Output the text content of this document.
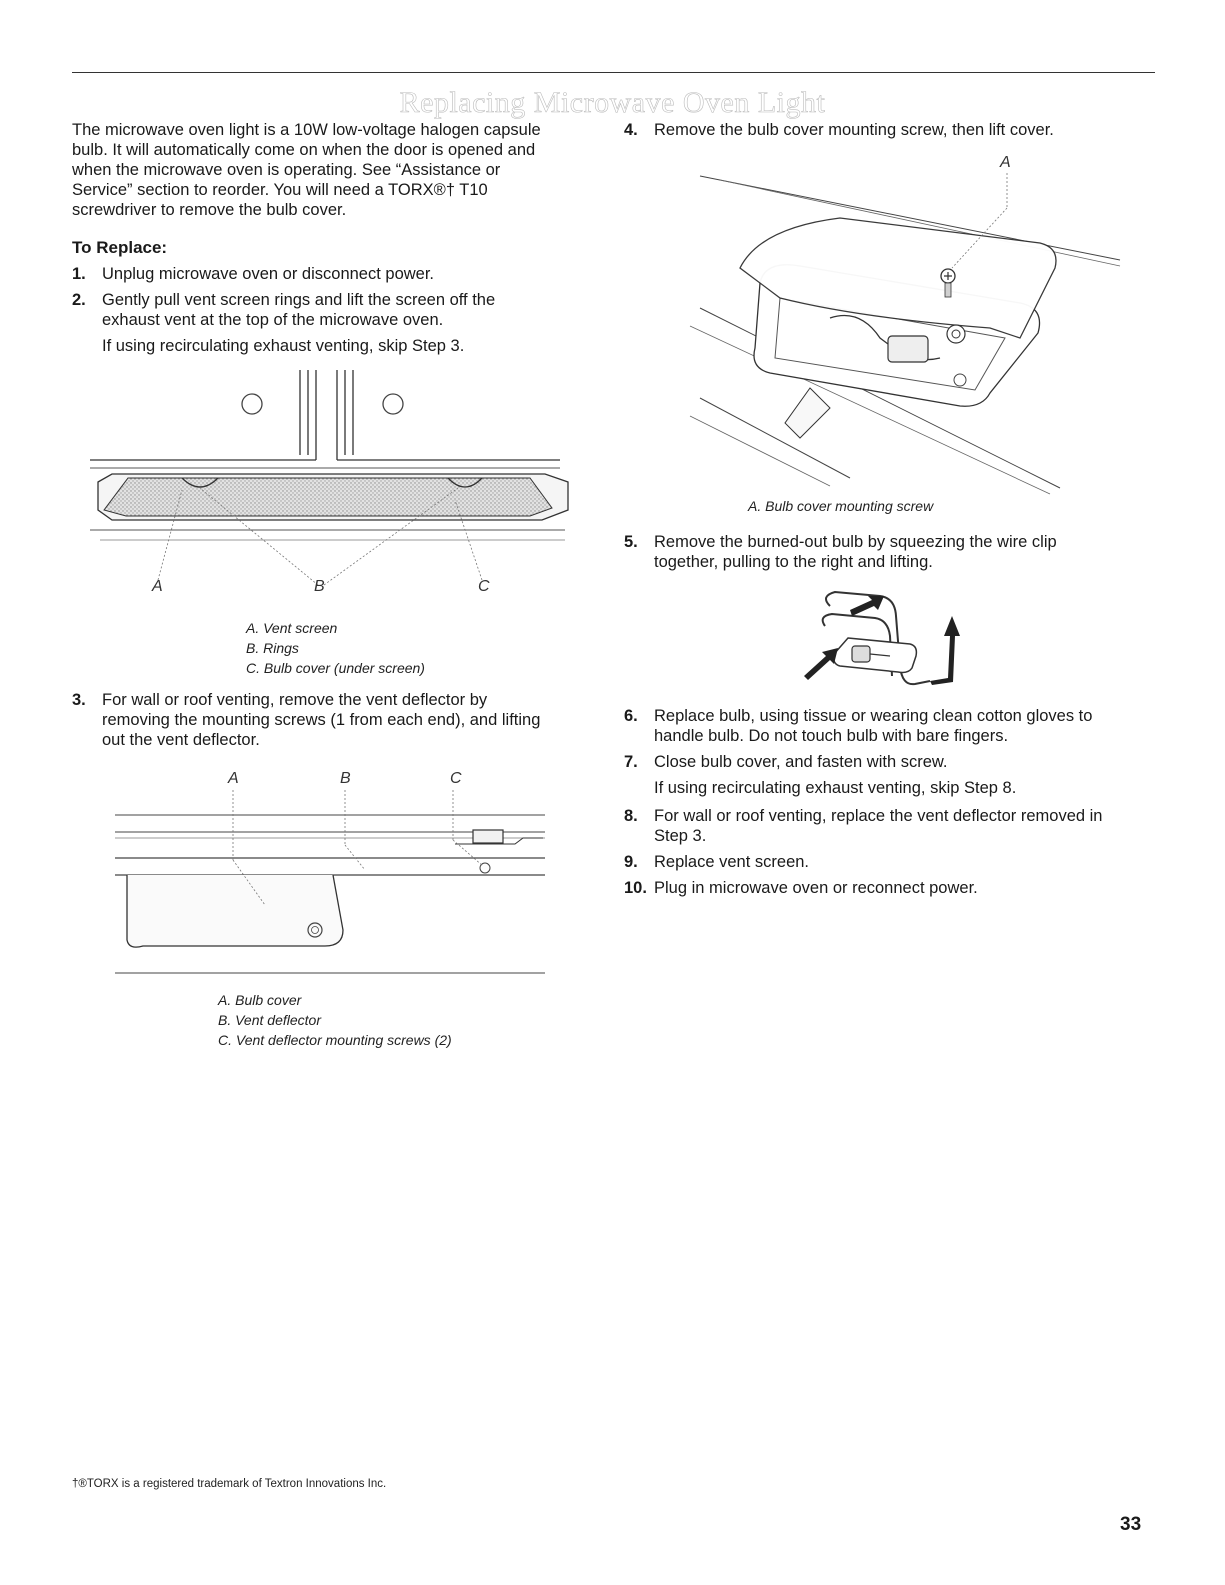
Replacing Microwave Oven Light
The microwave oven light is a 10W low-voltage halogen capsule
bulb. It will automatically come on when the door is opened and
when the microwave oven is operating. See “Assistance or
Service” section to reorder. You will need a TORX®† T10
screwdriver to remove the bulb cover.
To Replace:
1. Unplug microwave oven or disconnect power.
2. Gently pull vent screen rings and lift the screen off the
exhaust vent at the top of the microwave oven.
If using recirculating exhaust venting, skip Step 3.
A	B	C
A. Vent screen
B. Rings
C. Bulb cover (under screen)
3. For wall or roof venting, remove the vent deflector by
removing the mounting screws (1 from each end), and lifting
out the vent deflector.
A	B	C
A. Bulb cover
B. Vent deflector
C. Vent deflector mounting screws (2)
4. Remove the bulb cover mounting screw, then lift cover.
A
A. Bulb cover mounting screw
5. Remove the burned-out bulb by squeezing the wire clip
together, pulling to the right and lifting.
6. Replace bulb, using tissue or wearing clean cotton gloves to
handle bulb. Do not touch bulb with bare fingers.
7. Close bulb cover, and fasten with screw.
If using recirculating exhaust venting, skip Step 8.
8. For wall or roof venting, replace the vent deflector removed in
Step 3.
9. Replace vent screen.
10. Plug in microwave oven or reconnect power.
†®TORX is a registered trademark of Textron Innovations Inc.
33
